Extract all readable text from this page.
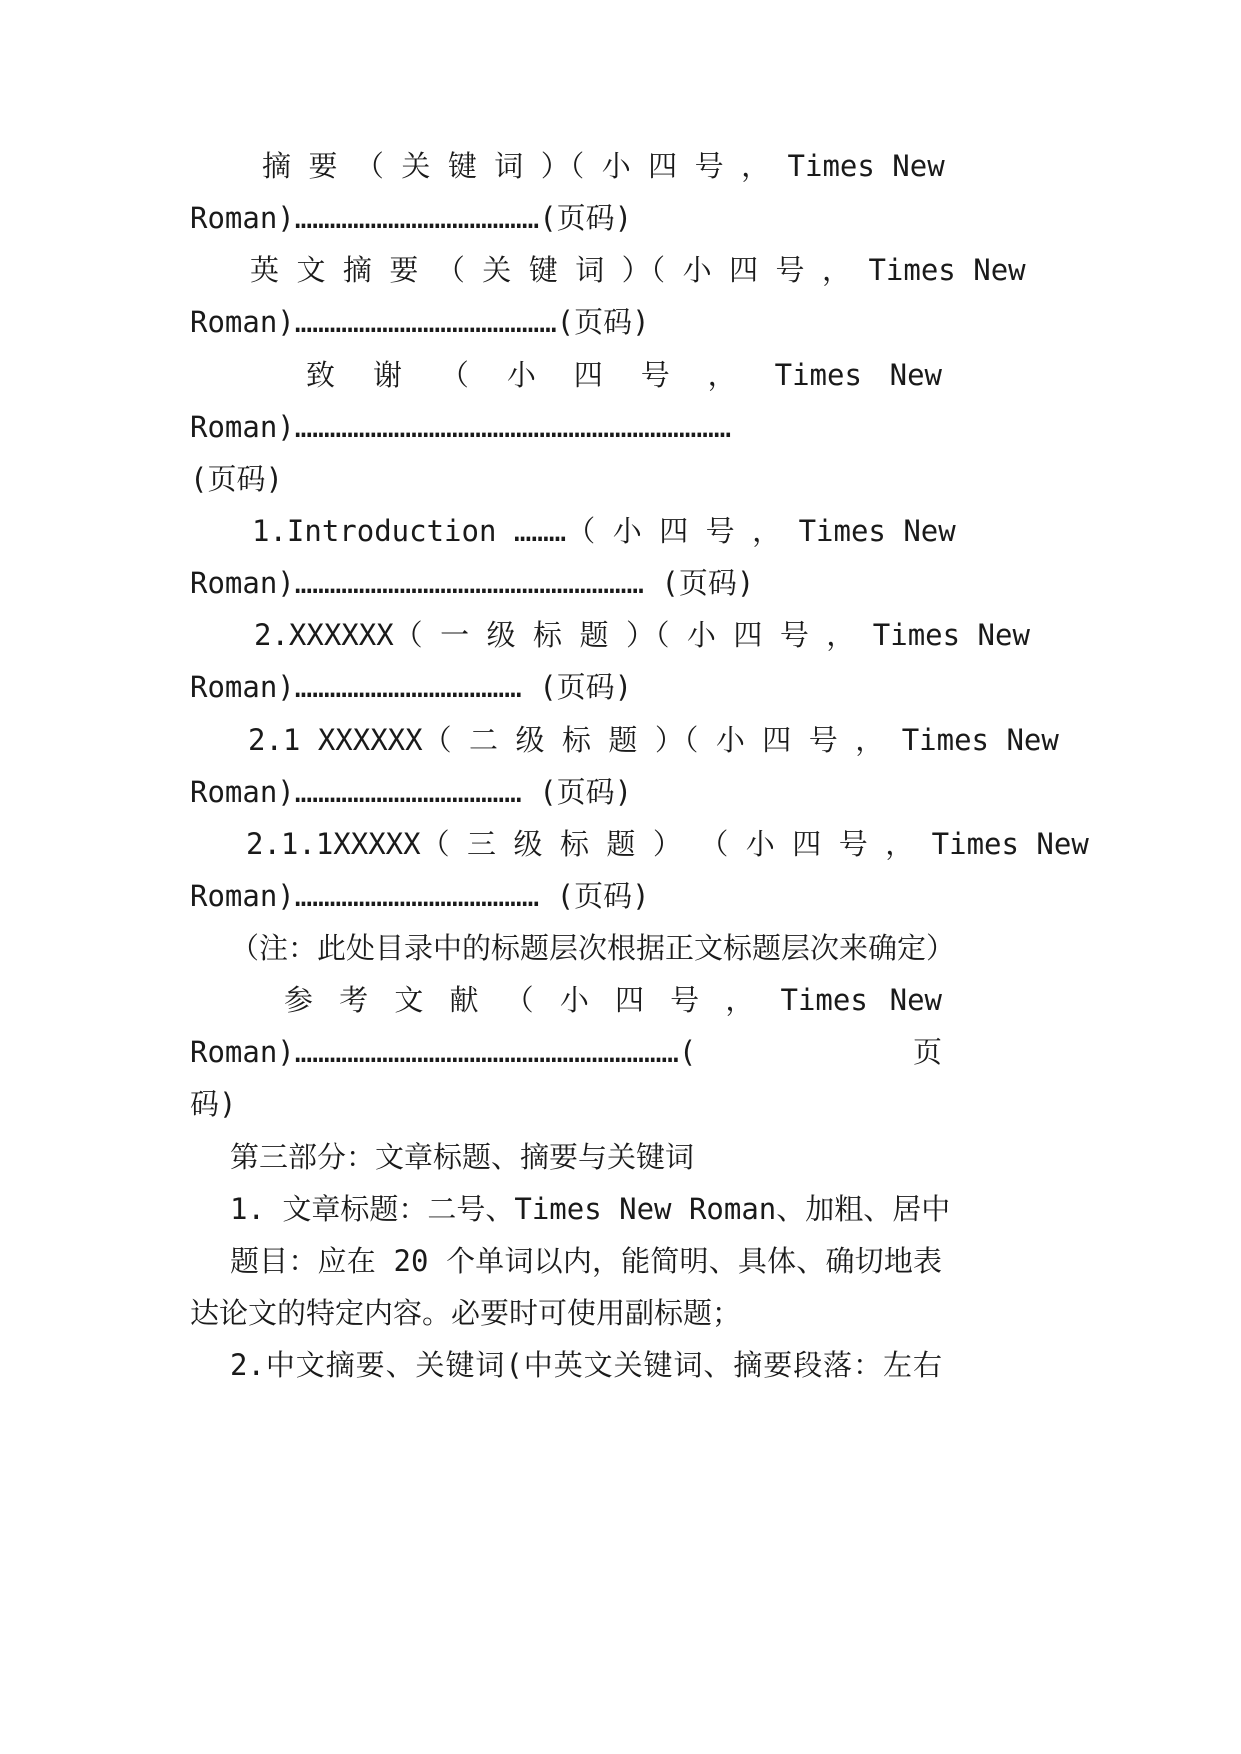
摘 要 （ 关 键 词 ）（ 小 四 号 ， Times New
Roman)……………………………………(页码)
英 文 摘 要 （ 关 键 词 ）（ 小 四 号 ， Times New
Roman)………………………………………(页码)
致 谢 （ 小 四 号 ， Times New
Roman)…………………………………………………………………
(页码)
1.Introduction ………（ 小 四 号 ， Times New
Roman)…………………………………………………… (页码)
2.XXXXXX（ 一 级 标 题 ）（ 小 四 号 ， Times New
Roman)………………………………… (页码)
2.1 XXXXXX（ 二 级 标 题 ）（ 小 四 号 ， Times New
Roman)………………………………… (页码)
2.1.1XXXXX（ 三 级 标 题 ） （ 小 四 号 ， Times New
Roman)…………………………………… (页码)
（注：此处目录中的标题层次根据正文标题层次来确定）
参 考 文 献 （ 小 四 号 ， Times New
Roman)…………………………………………………………(页
码)
第三部分：文章标题、摘要与关键词
1. 文章标题：二号、Times New Roman、加粗、居中
题目：应在 20 个单词以内，能简明、具体、确切地表
达论文的特定内容。必要时可使用副标题；
2.中文摘要、关键词(中英文关键词、摘要段落：左右
